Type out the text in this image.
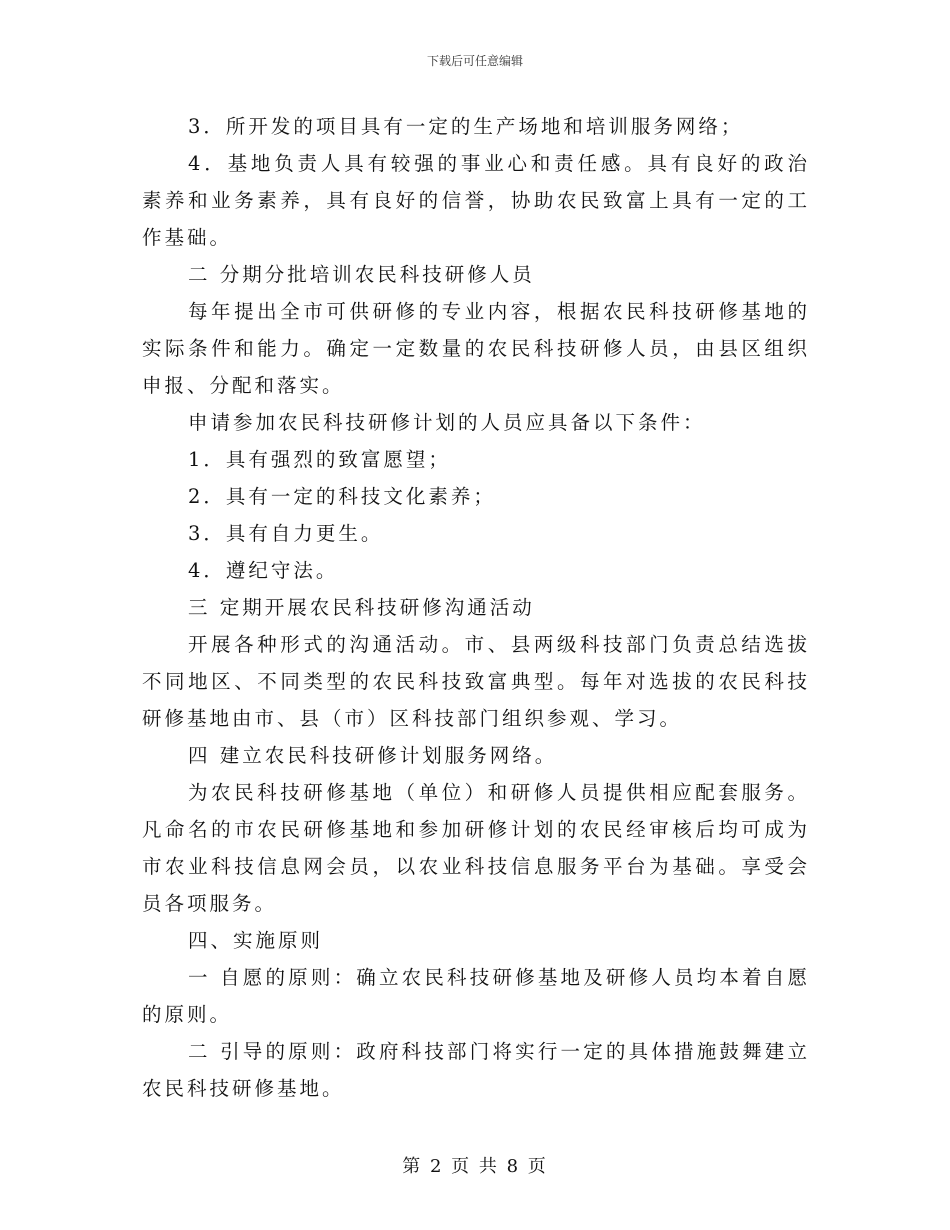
下载后可任意编辑

3．所开发的项目具有一定的生产场地和培训服务网络；

4．基地负责人具有较强的事业心和责任感。具有良好的政治素养和业务素养，具有良好的信誉，协助农民致富上具有一定的工作基础。

二 分期分批培训农民科技研修人员

每年提出全市可供研修的专业内容，根据农民科技研修基地的实际条件和能力。确定一定数量的农民科技研修人员，由县区组织申报、分配和落实。

申请参加农民科技研修计划的人员应具备以下条件：

1．具有强烈的致富愿望；

2．具有一定的科技文化素养；

3．具有自力更生。

4．遵纪守法。

三 定期开展农民科技研修沟通活动

开展各种形式的沟通活动。市、县两级科技部门负责总结选拔不同地区、不同类型的农民科技致富典型。每年对选拔的农民科技研修基地由市、县（市）区科技部门组织参观、学习。

四 建立农民科技研修计划服务网络。

为农民科技研修基地（单位）和研修人员提供相应配套服务。凡命名的市农民研修基地和参加研修计划的农民经审核后均可成为市农业科技信息网会员，以农业科技信息服务平台为基础。享受会员各项服务。

四、实施原则

一 自愿的原则：确立农民科技研修基地及研修人员均本着自愿的原则。

二 引导的原则：政府科技部门将实行一定的具体措施鼓舞建立农民科技研修基地。

第 2 页 共 8 页
